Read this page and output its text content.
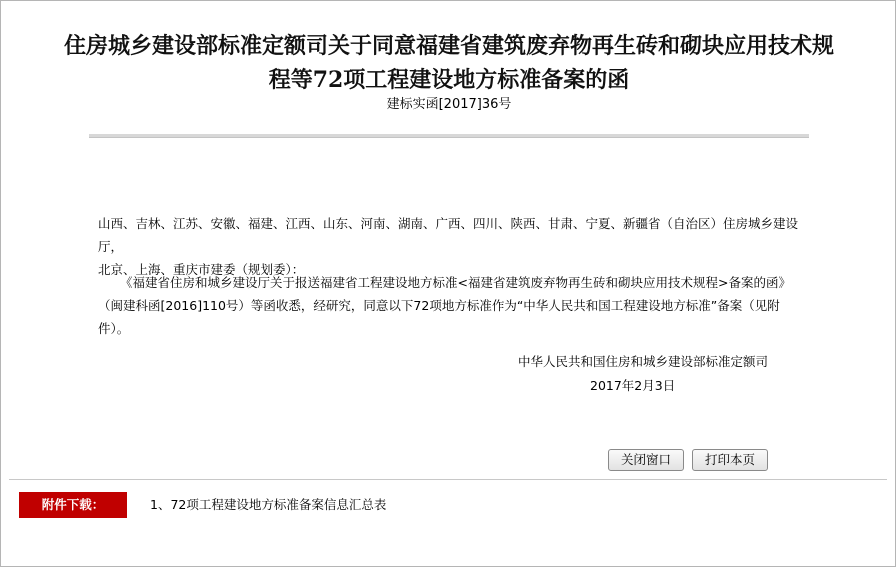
住房城乡建设部标准定额司关于同意福建省建筑废弃物再生砖和砌块应用技术规
程等72项工程建设地方标准备案的函
建标实函[2017]36号
山西、吉林、江苏、安徽、福建、江西、山东、河南、湖南、广西、四川、陕西、甘肃、宁夏、新疆省（自治区）住房城乡建设厅，
北京、上海、重庆市建委（规划委）：
《福建省住房和城乡建设厅关于报送福建省工程建设地方标准<福建省建筑废弃物再生砖和砌块应用技术规程>备案的函》（闽建科函[2016]110号）等函收悉，经研究，同意以下72项地方标准作为“中华人民共和国工程建设地方标准”备案（见附件）。
中华人民共和国住房和城乡建设部标准定额司
2017年2月3日
关闭窗口	打印本页
附件下载：	1、72项工程建设地方标准备案信息汇总表
